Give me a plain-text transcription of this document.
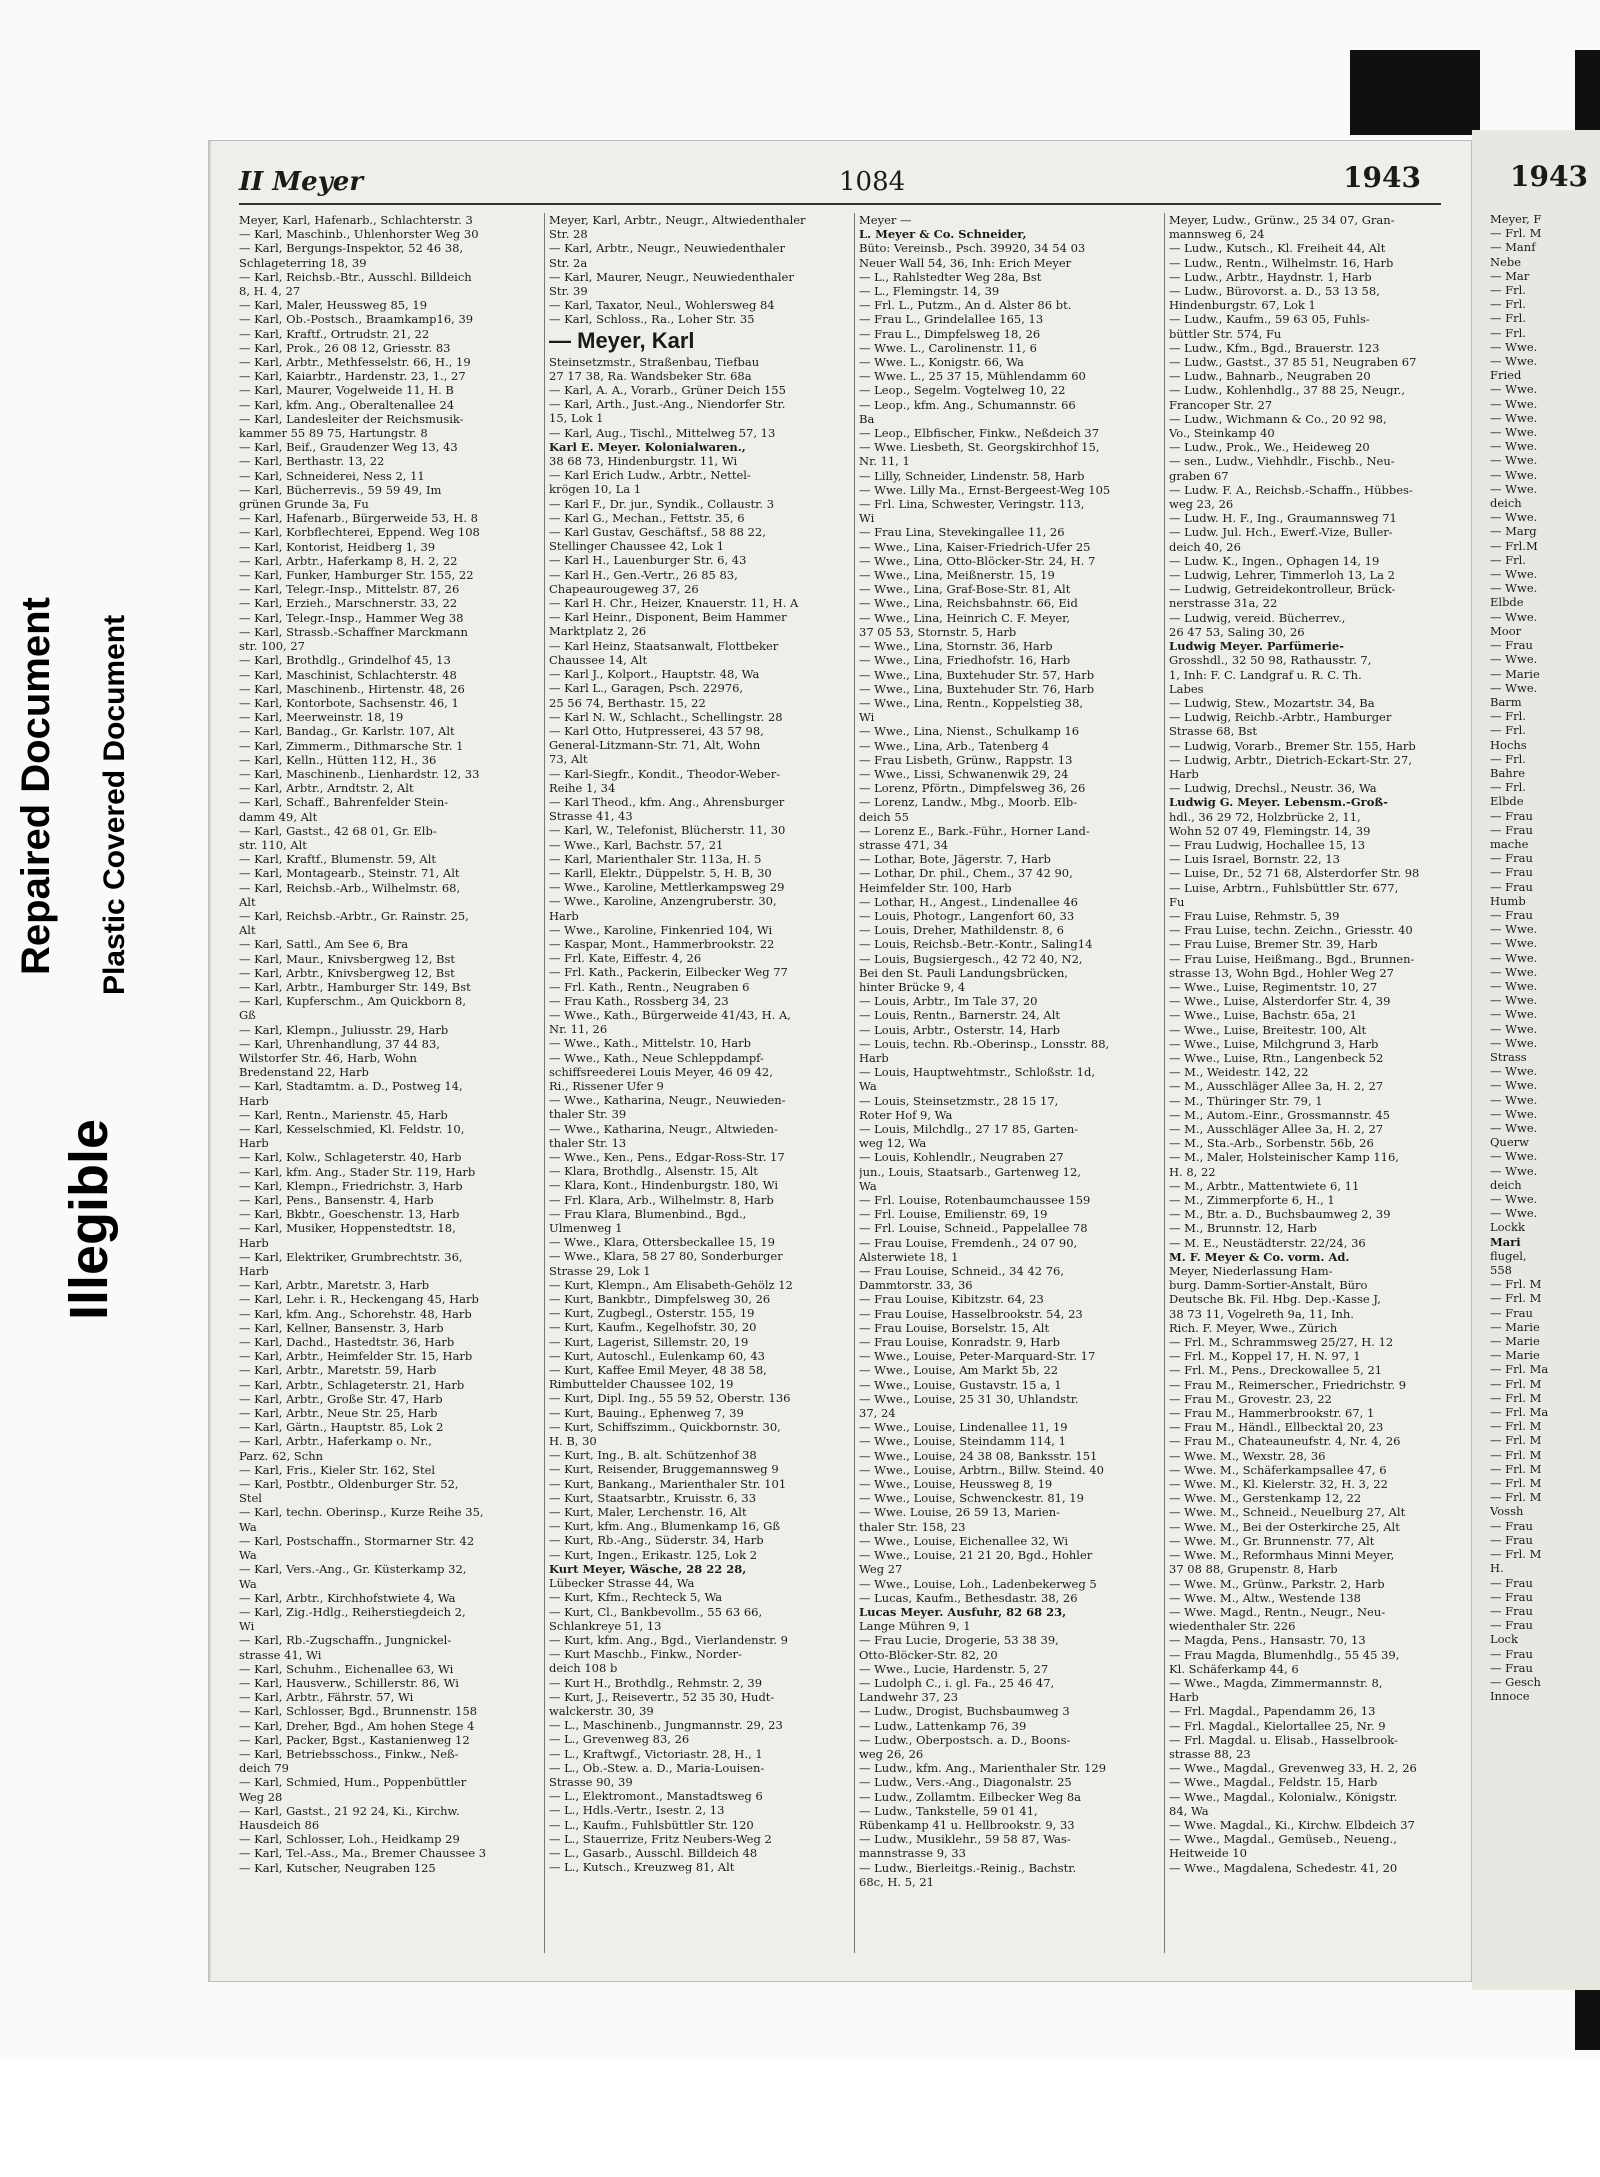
Illegible
Repaired Document Plastic Covered Document
II Meyer	1084	1943
Meyer, Karl, Hafenarb., Schlachterstr. 3
— Karl, Maschinb., Uhlenhorster Weg 30
— Karl, Bergungs-Inspektor, 52 46 38,
Schlageterring 18, 39
— Karl, Reichsb.-Btr., Ausschl. Billdeich
8, H. 4, 27
— Karl, Maler, Heussweg 85, 19
— Karl, Ob.-Postsch., Braamkamp16, 39
— Karl, Kraftf., Ortrudstr. 21, 22
— Karl, Prok., 26 08 12, Griesstr. 83
— Karl, Arbtr., Methfesselstr. 66, H., 19
— Karl, Kaiarbtr., Hardenstr. 23, 1., 27
— Karl, Maurer, Vogelweide 11, H. B
— Karl, kfm. Ang., Oberaltenallee 24
— Karl, Landesleiter der Reichsmusik-
kammer 55 89 75, Hartungstr. 8
— Karl, Beif., Graudenzer Weg 13, 43
— Karl, Berthastr. 13, 22
— Karl, Schneiderei, Ness 2, 11
— Karl, Bücherrevis., 59 59 49, Im
grünen Grunde 3a, Fu
— Karl, Hafenarb., Bürgerweide 53, H. 8
— Karl, Korbflechterei, Eppend. Weg 108
— Karl, Kontorist, Heidberg 1, 39
— Karl, Arbtr., Haferkamp 8, H. 2, 22
— Karl, Funker, Hamburger Str. 155, 22
— Karl, Telegr.-Insp., Mittelstr. 87, 26
— Karl, Erzieh., Marschnerstr. 33, 22
— Karl, Telegr.-Insp., Hammer Weg 38
— Karl, Strassb.-Schaffner Marckmann
str. 100, 27
— Karl, Brothdlg., Grindelhof 45, 13
— Karl, Maschinist, Schlachterstr. 48
— Karl, Maschinenb., Hirtenstr. 48, 26
— Karl, Kontorbote, Sachsenstr. 46, 1
— Karl, Meerweinstr. 18, 19
— Karl, Bandag., Gr. Karlstr. 107, Alt
— Karl, Zimmerm., Dithmarsche Str. 1
— Karl, Kelln., Hütten 112, H., 36
— Karl, Maschinenb., Lienhardstr. 12, 33
— Karl, Arbtr., Arndtstr. 2, Alt
— Karl, Schaff., Bahrenfelder Stein-
damm 49, Alt
— Karl, Gastst., 42 68 01, Gr. Elb-
str. 110, Alt
— Karl, Kraftf., Blumenstr. 59, Alt
— Karl, Montagearb., Steinstr. 71, Alt
— Karl, Reichsb.-Arb., Wilhelmstr. 68,
Alt
— Karl, Reichsb.-Arbtr., Gr. Rainstr. 25,
Alt
— Karl, Sattl., Am See 6, Bra
— Karl, Maur., Knivsbergweg 12, Bst
— Karl, Arbtr., Knivsbergweg 12, Bst
— Karl, Arbtr., Hamburger Str. 149, Bst
— Karl, Kupferschm., Am Quickborn 8,
Gß
— Karl, Klempn., Juliusstr. 29, Harb
— Karl, Uhrenhandlung, 37 44 83,
Wilstorfer Str. 46, Harb, Wohn
Bredenstand 22, Harb
— Karl, Stadtamtm. a. D., Postweg 14,
Harb
— Karl, Rentn., Marienstr. 45, Harb
— Karl, Kesselschmied, Kl. Feldstr. 10,
Harb
— Karl, Kolw., Schlageterstr. 40, Harb
— Karl, kfm. Ang., Stader Str. 119, Harb
— Karl, Klempn., Friedrichstr. 3, Harb
— Karl, Pens., Bansenstr. 4, Harb
— Karl, Bkbtr., Goeschenstr. 13, Harb
— Karl, Musiker, Hoppenstedtstr. 18,
Harb
— Karl, Elektriker, Grumbrechtstr. 36,
Harb
— Karl, Arbtr., Maretstr. 3, Harb
— Karl, Lehr. i. R., Heckengang 45, Harb
— Karl, kfm. Ang., Schorehstr. 48, Harb
— Karl, Kellner, Bansenstr. 3, Harb
— Karl, Dachd., Hastedtstr. 36, Harb
— Karl, Arbtr., Heimfelder Str. 15, Harb
— Karl, Arbtr., Maretstr. 59, Harb
— Karl, Arbtr., Schlageterstr. 21, Harb
— Karl, Arbtr., Große Str. 47, Harb
— Karl, Arbtr., Neue Str. 25, Harb
— Karl, Gärtn., Hauptstr. 85, Lok 2
— Karl, Arbtr., Haferkamp o. Nr.,
Parz. 62, Schn
— Karl, Fris., Kieler Str. 162, Stel
— Karl, Postbtr., Oldenburger Str. 52,
Stel
— Karl, techn. Oberinsp., Kurze Reihe 35,
Wa
— Karl, Postschaffn., Stormarner Str. 42
Wa
— Karl, Vers.-Ang., Gr. Küsterkamp 32,
Wa
— Karl, Arbtr., Kirchhofstwiete 4, Wa
— Karl, Zig.-Hdlg., Reiherstiegdeich 2,
Wi
— Karl, Rb.-Zugschaffn., Jungnickel-
strasse 41, Wi
— Karl, Schuhm., Eichenallee 63, Wi
— Karl, Hausverw., Schillerstr. 86, Wi
— Karl, Arbtr., Fährstr. 57, Wi
— Karl, Schlosser, Bgd., Brunnenstr. 158
— Karl, Dreher, Bgd., Am hohen Stege 4
— Karl, Packer, Bgst., Kastanienweg 12
— Karl, Betriebsschoss., Finkw., Neß-
deich 79
— Karl, Schmied, Hum., Poppenbüttler
Weg 28
— Karl, Gastst., 21 92 24, Ki., Kirchw.
Hausdeich 86
— Karl, Schlosser, Loh., Heidkamp 29
— Karl, Tel.-Ass., Ma., Bremer Chaussee 3
— Karl, Kutscher, Neugraben 125
Meyer, Karl, Arbtr., Neugr., Altwiedenthaler
Str. 28
— Karl, Arbtr., Neugr., Neuwiedenthaler
Str. 2a
— Karl, Maurer, Neugr., Neuwiedenthaler
Str. 39
— Karl, Taxator, Neul., Wohlersweg 84
— Karl, Schloss., Ra., Loher Str. 35
— Meyer, Karl
Steinsetzmstr., Straßenbau, Tiefbau
27 17 38, Ra. Wandsbeker Str. 68a
— Karl, A. A., Vorarb., Grüner Deich 155
— Karl, Arth., Just.-Ang., Niendorfer Str.
15, Lok 1
— Karl, Aug., Tischl., Mittelweg 57, 13
Karl E. Meyer. Kolonialwaren.,
38 68 73, Hindenburgstr. 11, Wi
— Karl Erich Ludw., Arbtr., Nettel-
krögen 10, La 1
— Karl F., Dr. jur., Syndik., Collaustr. 3
— Karl G., Mechan., Fettstr. 35, 6
— Karl Gustav, Geschäftsf., 58 88 22,
Stellinger Chaussee 42, Lok 1
— Karl H., Lauenburger Str. 6, 43
— Karl H., Gen.-Vertr., 26 85 83,
Chapeaurougeweg 37, 26
— Karl H. Chr., Heizer, Knauerstr. 11, H. A
— Karl Heinr., Disponent, Beim Hammer
Marktplatz 2, 26
— Karl Heinz, Staatsanwalt, Flottbeker
Chaussee 14, Alt
— Karl J., Kolport., Hauptstr. 48, Wa
— Karl L., Garagen, Psch. 22976,
25 56 74, Berthastr. 15, 22
— Karl N. W., Schlacht., Schellingstr. 28
— Karl Otto, Hutpresserei, 43 57 98,
General-Litzmann-Str. 71, Alt, Wohn
73, Alt
— Karl-Siegfr., Kondit., Theodor-Weber-
Reihe 1, 34
— Karl Theod., kfm. Ang., Ahrensburger
Strasse 41, 43
— Karl, W., Telefonist, Blücherstr. 11, 30
— Wwe., Karl, Bachstr. 57, 21
— Karl, Marienthaler Str. 113a, H. 5
— Karll, Elektr., Düppelstr. 5, H. B, 30
— Wwe., Karoline, Mettlerkampsweg 29
— Wwe., Karoline, Anzengruberstr. 30,
Harb
— Wwe., Karoline, Finkenried 104, Wi
— Kaspar, Mont., Hammerbrookstr. 22
— Frl. Kate, Eiffestr. 4, 26
— Frl. Kath., Packerin, Eilbecker Weg 77
— Frl. Kath., Rentn., Neugraben 6
— Frau Kath., Rossberg 34, 23
— Wwe., Kath., Bürgerweide 41/43, H. A,
Nr. 11, 26
— Wwe., Kath., Mittelstr. 10, Harb
— Wwe., Kath., Neue Schleppdampf-
schiffsreederei Louis Meyer, 46 09 42,
Ri., Rissener Ufer 9
— Wwe., Katharina, Neugr., Neuwieden-
thaler Str. 39
— Wwe., Katharina, Neugr., Altwieden-
thaler Str. 13
— Wwe., Ken., Pens., Edgar-Ross-Str. 17
— Klara, Brothdlg., Alsenstr. 15, Alt
— Klara, Kont., Hindenburgstr. 180, Wi
— Frl. Klara, Arb., Wilhelmstr. 8, Harb
— Frau Klara, Blumenbind., Bgd.,
Ulmenweg 1
— Wwe., Klara, Ottersbeckallee 15, 19
— Wwe., Klara, 58 27 80, Sonderburger
Strasse 29, Lok 1
— Kurt, Klempn., Am Elisabeth-Gehölz 12
— Kurt, Bankbtr., Dimpfelsweg 30, 26
— Kurt, Zugbegl., Osterstr. 155, 19
— Kurt, Kaufm., Kegelhofstr. 30, 20
— Kurt, Lagerist, Sillemstr. 20, 19
— Kurt, Autoschl., Eulenkamp 60, 43
— Kurt, Kaffee Emil Meyer, 48 38 58,
Rimbuttelder Chaussee 102, 19
— Kurt, Dipl. Ing., 55 59 52, Oberstr. 136
— Kurt, Bauing., Ephenweg 7, 39
— Kurt, Schiffszimm., Quickbornstr. 30,
H. B, 30
— Kurt, Ing., B. alt. Schützenhof 38
— Kurt, Reisender, Bruggemannsweg 9
— Kurt, Bankang., Marienthaler Str. 101
— Kurt, Staatsarbtr., Kruisstr. 6, 33
— Kurt, Maler, Lerchenstr. 16, Alt
— Kurt, kfm. Ang., Blumenkamp 16, Gß
— Kurt, Rb.-Ang., Süderstr. 34, Harb
— Kurt, Ingen., Erikastr. 125, Lok 2
Kurt Meyer, Wäsche, 28 22 28,
Lübecker Strasse 44, Wa
— Kurt, Kfm., Rechteck 5, Wa
— Kurt, Cl., Bankbevollm., 55 63 66,
Schlankreye 51, 13
— Kurt, kfm. Ang., Bgd., Vierlandenstr. 9
— Kurt Maschb., Finkw., Norder-
deich 108 b
— Kurt H., Brothdlg., Rehmstr. 2, 39
— Kurt, J., Reisevertr., 52 35 30, Hudt-
walckerstr. 30, 39
— L., Maschinenb., Jungmannstr. 29, 23
— L., Grevenweg 83, 26
— L., Kraftwgf., Victoriastr. 28, H., 1
— L., Ob.-Stew. a. D., Maria-Louisen-
Strasse 90, 39
— L., Elektromont., Manstadtsweg 6
— L., Hdls.-Vertr., Isestr. 2, 13
— L., Kaufm., Fuhlsbüttler Str. 120
— L., Stauerrize, Fritz Neubers-Weg 2
— L., Gasarb., Ausschl. Billdeich 48
— L., Kutsch., Kreuzweg 81, Alt
Meyer —
L. Meyer & Co. Schneider,
Büto: Vereinsb., Psch. 39920, 34 54 03
Neuer Wall 54, 36, Inh: Erich Meyer
— L., Rahlstedter Weg 28a, Bst
— L., Flemingstr. 14, 39
— Frl. L., Putzm., An d. Alster 86 bt.
— Frau L., Grindelallee 165, 13
— Frau L., Dimpfelsweg 18, 26
— Wwe. L., Carolinenstr. 11, 6
— Wwe. L., Konigstr. 66, Wa
— Wwe. L., 25 37 15, Mühlendamm 60
— Leop., Segelm. Vogtelweg 10, 22
— Leop., kfm. Ang., Schumannstr. 66
Ba
— Leop., Elbfischer, Finkw., Neßdeich 37
— Wwe. Liesbeth, St. Georgskirchhof 15,
Nr. 11, 1
— Lilly, Schneider, Lindenstr. 58, Harb
— Wwe. Lilly Ma., Ernst-Bergeest-Weg 105
— Frl. Lina, Schwester, Veringstr. 113,
Wi
— Frau Lina, Stevekingallee 11, 26
— Wwe., Lina, Kaiser-Friedrich-Ufer 25
— Wwe., Lina, Otto-Blöcker-Str. 24, H. 7
— Wwe., Lina, Meißnerstr. 15, 19
— Wwe., Lina, Graf-Bose-Str. 81, Alt
— Wwe., Lina, Reichsbahnstr. 66, Eid
— Wwe., Lina, Heinrich C. F. Meyer,
37 05 53, Stornstr. 5, Harb
— Wwe., Lina, Stornstr. 36, Harb
— Wwe., Lina, Friedhofstr. 16, Harb
— Wwe., Lina, Buxtehuder Str. 57, Harb
— Wwe., Lina, Buxtehuder Str. 76, Harb
— Wwe., Lina, Rentn., Koppelstieg 38,
Wi
— Wwe., Lina, Nienst., Schulkamp 16
— Wwe., Lina, Arb., Tatenberg 4
— Frau Lisbeth, Grünw., Rappstr. 13
— Wwe., Lissi, Schwanenwik 29, 24
— Lorenz, Pförtn., Dimpfelsweg 36, 26
— Lorenz, Landw., Mbg., Moorb. Elb-
deich 55
— Lorenz E., Bark.-Führ., Horner Land-
strasse 471, 34
— Lothar, Bote, Jägerstr. 7, Harb
— Lothar, Dr. phil., Chem., 37 42 90,
Heimfelder Str. 100, Harb
— Lothar, H., Angest., Lindenallee 46
— Louis, Photogr., Langenfort 60, 33
— Louis, Dreher, Mathildenstr. 8, 6
— Louis, Reichsb.-Betr.-Kontr., Saling14
— Louis, Bugsiergesch., 42 72 40, N2,
Bei den St. Pauli Landungsbrücken,
hinter Brücke 9, 4
— Louis, Arbtr., Im Tale 37, 20
— Louis, Rentn., Barnerstr. 24, Alt
— Louis, Arbtr., Osterstr. 14, Harb
— Louis, techn. Rb.-Oberinsp., Lonsstr. 88,
Harb
— Louis, Hauptwehtmstr., Schloßstr. 1d,
Wa
— Louis, Steinsetzmstr., 28 15 17,
Roter Hof 9, Wa
— Louis, Milchdlg., 27 17 85, Garten-
weg 12, Wa
— Louis, Kohlendlr., Neugraben 27
jun., Louis, Staatsarb., Gartenweg 12,
Wa
— Frl. Louise, Rotenbaumchaussee 159
— Frl. Louise, Emilienstr. 69, 19
— Frl. Louise, Schneid., Pappelallee 78
— Frau Louise, Fremdenh., 24 07 90,
Alsterwiete 18, 1
— Frau Louise, Schneid., 34 42 76,
Dammtorstr. 33, 36
— Frau Louise, Kibitzstr. 64, 23
— Frau Louise, Hasselbrookstr. 54, 23
— Frau Louise, Borselstr. 15, Alt
— Frau Louise, Konradstr. 9, Harb
— Wwe., Louise, Peter-Marquard-Str. 17
— Wwe., Louise, Am Markt 5b, 22
— Wwe., Louise, Gustavstr. 15 a, 1
— Wwe., Louise, 25 31 30, Uhlandstr.
37, 24
— Wwe., Louise, Lindenallee 11, 19
— Wwe., Louise, Steindamm 114, 1
— Wwe., Louise, 24 38 08, Banksstr. 151
— Wwe., Louise, Arbtrn., Billw. Steind. 40
— Wwe., Louise, Heussweg 8, 19
— Wwe., Louise, Schwenckestr. 81, 19
— Wwe. Louise, 26 59 13, Marien-
thaler Str. 158, 23
— Wwe., Louise, Eichenallee 32, Wi
— Wwe., Louise, 21 21 20, Bgd., Hohler
Weg 27
— Wwe., Louise, Loh., Ladenbekerweg 5
— Lucas, Kaufm., Bethesdastr. 38, 26
Lucas Meyer. Ausfuhr, 82 68 23,
Lange Mühren 9, 1
— Frau Lucie, Drogerie, 53 38 39,
Otto-Blöcker-Str. 82, 20
— Wwe., Lucie, Hardenstr. 5, 27
— Ludolph C., i. gl. Fa., 25 46 47,
Landwehr 37, 23
— Ludw., Drogist, Buchsbaumweg 3
— Ludw., Lattenkamp 76, 39
— Ludw., Oberpostsch. a. D., Boons-
weg 26, 26
— Ludw., kfm. Ang., Marienthaler Str. 129
— Ludw., Vers.-Ang., Diagonalstr. 25
— Ludw., Zollamtm. Eilbecker Weg 8a
— Ludw., Tankstelle, 59 01 41,
Rübenkamp 41 u. Hellbrookstr. 9, 33
— Ludw., Musiklehr., 59 58 87, Was-
mannstrasse 9, 33
— Ludw., Bierleitgs.-Reinig., Bachstr.
68c, H. 5, 21
Meyer, Ludw., Grünw., 25 34 07, Gran-
mannsweg 6, 24
— Ludw., Kutsch., Kl. Freiheit 44, Alt
— Ludw., Rentn., Wilhelmstr. 16, Harb
— Ludw., Arbtr., Haydnstr. 1, Harb
— Ludw., Bürovorst. a. D., 53 13 58,
Hindenburgstr. 67, Lok 1
— Ludw., Kaufm., 59 63 05, Fuhls-
büttler Str. 574, Fu
— Ludw., Kfm., Bgd., Brauerstr. 123
— Ludw., Gastst., 37 85 51, Neugraben 67
— Ludw., Bahnarb., Neugraben 20
— Ludw., Kohlenhdlg., 37 88 25, Neugr.,
Francoper Str. 27
— Ludw., Wichmann & Co., 20 92 98,
Vo., Steinkamp 40
— Ludw., Prok., We., Heideweg 20
— sen., Ludw., Viehhdlr., Fischb., Neu-
graben 67
— Ludw. F. A., Reichsb.-Schaffn., Hübbes-
weg 23, 26
— Ludw. H. F., Ing., Graumannsweg 71
— Ludw. Jul. Hch., Ewerf.-Vize, Buller-
deich 40, 26
— Ludw. K., Ingen., Ophagen 14, 19
— Ludwig, Lehrer, Timmerloh 13, La 2
— Ludwig, Getreidekontrolleur, Brück-
nerstrasse 31a, 22
— Ludwig, vereid. Bücherrev.,
26 47 53, Saling 30, 26
Ludwig Meyer. Parfümerie-
Grosshdl., 32 50 98, Rathausstr. 7,
1, Inh: F. C. Landgraf u. R. C. Th.
Labes
— Ludwig, Stew., Mozartstr. 34, Ba
— Ludwig, Reichb.-Arbtr., Hamburger
Strasse 68, Bst
— Ludwig, Vorarb., Bremer Str. 155, Harb
— Ludwig, Arbtr., Dietrich-Eckart-Str. 27,
Harb
— Ludwig, Drechsl., Neustr. 36, Wa
Ludwig G. Meyer. Lebensm.-Groß-
hdl., 36 29 72, Holzbrücke 2, 11,
Wohn 52 07 49, Flemingstr. 14, 39
— Frau Ludwig, Hochallee 15, 13
— Luis Israel, Bornstr. 22, 13
— Luise, Dr., 52 71 68, Alsterdorfer Str. 98
— Luise, Arbtrn., Fuhlsbüttler Str. 677,
Fu
— Frau Luise, Rehmstr. 5, 39
— Frau Luise, techn. Zeichn., Griesstr. 40
— Frau Luise, Bremer Str. 39, Harb
— Frau Luise, Heißmang., Bgd., Brunnen-
strasse 13, Wohn Bgd., Hohler Weg 27
— Wwe., Luise, Regimentstr. 10, 27
— Wwe., Luise, Alsterdorfer Str. 4, 39
— Wwe., Luise, Bachstr. 65a, 21
— Wwe., Luise, Breitestr. 100, Alt
— Wwe., Luise, Milchgrund 3, Harb
— Wwe., Luise, Rtn., Langenbeck 52
— M., Weidestr. 142, 22
— M., Ausschläger Allee 3a, H. 2, 27
— M., Thüringer Str. 79, 1
— M., Autom.-Einr., Grossmannstr. 45
— M., Ausschläger Allee 3a, H. 2, 27
— M., Sta.-Arb., Sorbenstr. 56b, 26
— M., Maler, Holsteinischer Kamp 116,
H. 8, 22
— M., Arbtr., Mattentwiete 6, 11
— M., Zimmerpforte 6, H., 1
— M., Btr. a. D., Buchsbaumweg 2, 39
— M., Brunnstr. 12, Harb
— M. E., Neustädterstr. 22/24, 36
M. F. Meyer & Co. vorm. Ad.
Meyer, Niederlassung Ham-
burg. Damm-Sortier-Anstalt, Büro
Deutsche Bk. Fil. Hbg. Dep.-Kasse J,
38 73 11, Vogelreth 9a, 11, Inh.
Rich. F. Meyer, Wwe., Zürich
— Frl. M., Schrammsweg 25/27, H. 12
— Frl. M., Koppel 17, H. N. 97, 1
— Frl. M., Pens., Dreckowallee 5, 21
— Frau M., Reimerscher., Friedrichstr. 9
— Frau M., Grovestr. 23, 22
— Frau M., Hammerbrookstr. 67, 1
— Frau M., Händl., Ellbecktal 20, 23
— Frau M., Chateauneufstr. 4, Nr. 4, 26
— Wwe. M., Wexstr. 28, 36
— Wwe. M., Schäferkampsallee 47, 6
— Wwe. M., Kl. Kielerstr. 32, H. 3, 22
— Wwe. M., Gerstenkamp 12, 22
— Wwe. M., Schneid., Neuelburg 27, Alt
— Wwe. M., Bei der Osterkirche 25, Alt
— Wwe. M., Gr. Brunnenstr. 77, Alt
— Wwe. M., Reformhaus Minni Meyer,
37 08 88, Grupenstr. 8, Harb
— Wwe. M., Grünw., Parkstr. 2, Harb
— Wwe. M., Altw., Westende 138
— Wwe. Magd., Rentn., Neugr., Neu-
wiedenthaler Str. 226
— Magda, Pens., Hansastr. 70, 13
— Frau Magda, Blumenhdlg., 55 45 39,
Kl. Schäferkamp 44, 6
— Wwe., Magda, Zimmermannstr. 8,
Harb
— Frl. Magdal., Papendamm 26, 13
— Frl. Magdal., Kielortallee 25, Nr. 9
— Frl. Magdal. u. Elisab., Hasselbrook-
strasse 88, 23
— Wwe., Magdal., Grevenweg 33, H. 2, 26
— Wwe., Magdal., Feldstr. 15, Harb
— Wwe., Magdal., Kolonialw., Königstr.
84, Wa
— Wwe. Magdal., Ki., Kirchw. Elbdeich 37
— Wwe., Magdal., Gemüseb., Neueng.,
Heitweide 10
— Wwe., Magdalena, Schedestr. 41, 20
1943
Meyer, F
— Frl. M
— Manf
Nebe
— Mar
— Frl.
— Frl.
— Frl.
— Frl.
— Wwe.
— Wwe.
Fried
— Wwe.
— Wwe.
— Wwe.
— Wwe.
— Wwe.
— Wwe.
— Wwe.
— Wwe.
deich
— Wwe.
— Marg
— Frl.M
— Frl.
— Wwe.
— Wwe.
Elbde
— Wwe.
Moor
— Frau
— Wwe.
— Marie
— Wwe.
Barm
— Frl.
— Frl.
Hochs
— Frl.
Bahre
— Frl.
Elbde
— Frau
— Frau
mache
— Frau
— Frau
— Frau
Humb
— Frau
— Wwe.
— Wwe.
— Wwe.
— Wwe.
— Wwe.
— Wwe.
— Wwe.
— Wwe.
— Wwe.
Strass
— Wwe.
— Wwe.
— Wwe.
— Wwe.
— Wwe.
Querw
— Wwe.
— Wwe.
deich
— Wwe.
— Wwe.
Lockk
Mari
flugel,
558
— Frl. M
— Frl. M
— Frau
— Marie
— Marie
— Marie
— Frl. Ma
— Frl. M
— Frl. M
— Frl. Ma
— Frl. M
— Frl. M
— Frl. M
— Frl. M
— Frl. M
— Frl. M
Vossh
— Frau
— Frau
— Frl. M
H.
— Frau
— Frau
— Frau
— Frau
Lock
— Frau
— Frau
— Gesch
Innoce
